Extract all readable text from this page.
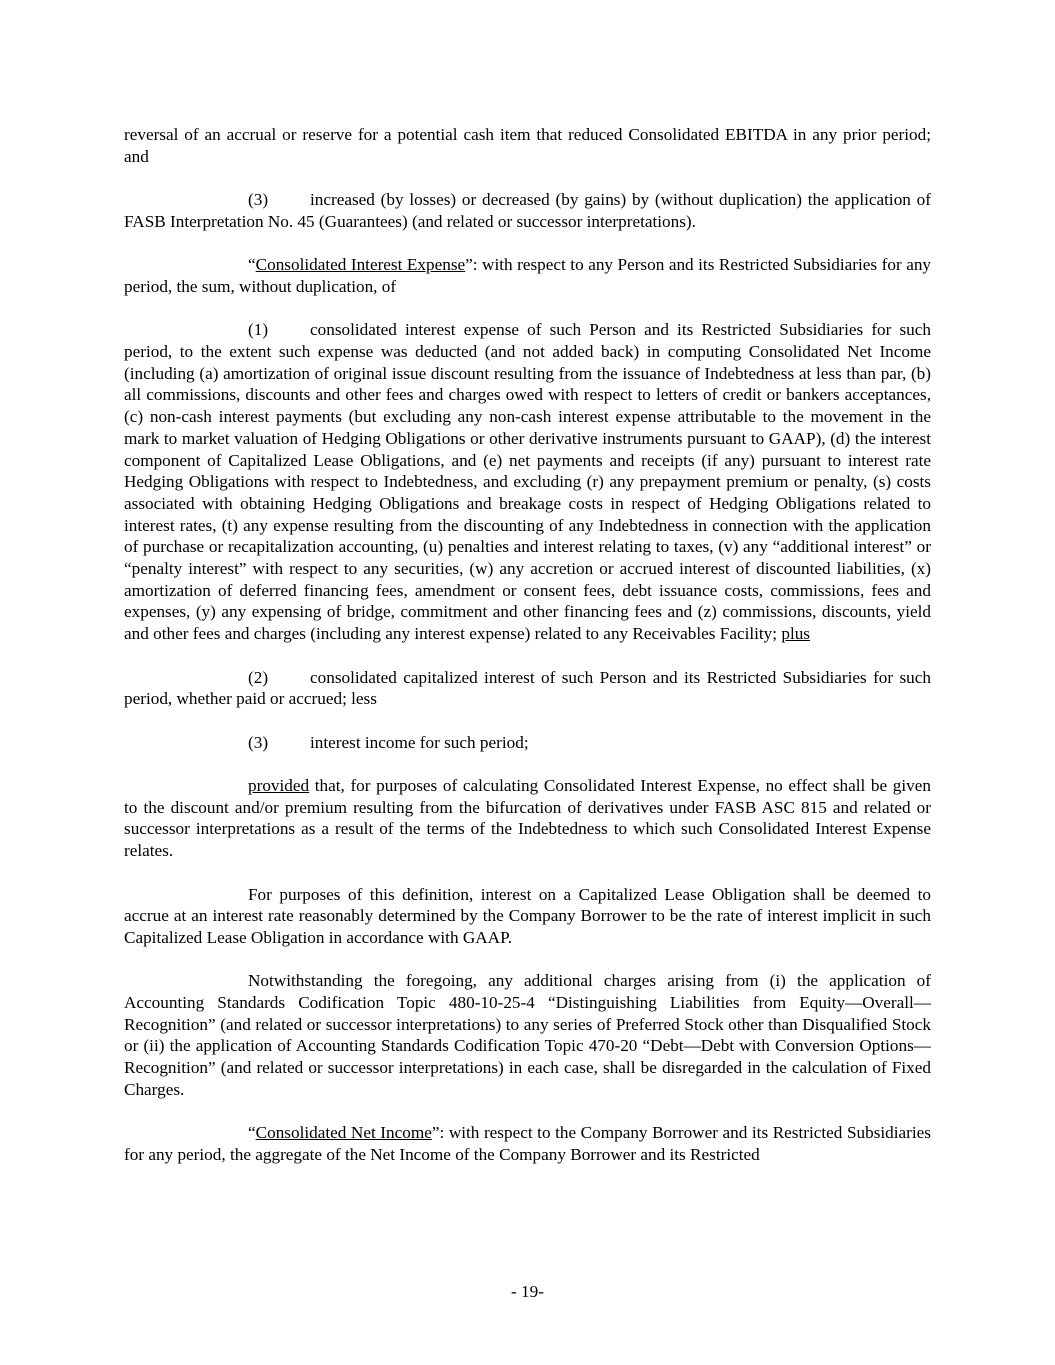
reversal of an accrual or reserve for a potential cash item that reduced Consolidated EBITDA in any prior period; and

(3) increased (by losses) or decreased (by gains) by (without duplication) the application of FASB Interpretation No. 45 (Guarantees) (and related or successor interpretations).

“Consolidated Interest Expense”: with respect to any Person and its Restricted Subsidiaries for any period, the sum, without duplication, of

(1) consolidated interest expense of such Person and its Restricted Subsidiaries for such period, to the extent such expense was deducted (and not added back) in computing Consolidated Net Income (including (a) amortization of original issue discount resulting from the issuance of Indebtedness at less than par, (b) all commissions, discounts and other fees and charges owed with respect to letters of credit or bankers acceptances, (c) non-cash interest payments (but excluding any non-cash interest expense attributable to the movement in the mark to market valuation of Hedging Obligations or other derivative instruments pursuant to GAAP), (d) the interest component of Capitalized Lease Obligations, and (e) net payments and receipts (if any) pursuant to interest rate Hedging Obligations with respect to Indebtedness, and excluding (r) any prepayment premium or penalty, (s) costs associated with obtaining Hedging Obligations and breakage costs in respect of Hedging Obligations related to interest rates, (t) any expense resulting from the discounting of any Indebtedness in connection with the application of purchase or recapitalization accounting, (u) penalties and interest relating to taxes, (v) any “additional interest” or “penalty interest” with respect to any securities, (w) any accretion or accrued interest of discounted liabilities, (x) amortization of deferred financing fees, amendment or consent fees, debt issuance costs, commissions, fees and expenses, (y) any expensing of bridge, commitment and other financing fees and (z) commissions, discounts, yield and other fees and charges (including any interest expense) related to any Receivables Facility; plus

(2) consolidated capitalized interest of such Person and its Restricted Subsidiaries for such period, whether paid or accrued; less

(3) interest income for such period;

provided that, for purposes of calculating Consolidated Interest Expense, no effect shall be given to the discount and/or premium resulting from the bifurcation of derivatives under FASB ASC 815 and related or successor interpretations as a result of the terms of the Indebtedness to which such Consolidated Interest Expense relates.

For purposes of this definition, interest on a Capitalized Lease Obligation shall be deemed to accrue at an interest rate reasonably determined by the Company Borrower to be the rate of interest implicit in such Capitalized Lease Obligation in accordance with GAAP.

Notwithstanding the foregoing, any additional charges arising from (i) the application of Accounting Standards Codification Topic 480-10-25-4 “Distinguishing Liabilities from Equity—Overall—Recognition” (and related or successor interpretations) to any series of Preferred Stock other than Disqualified Stock or (ii) the application of Accounting Standards Codification Topic 470-20 “Debt—Debt with Conversion Options—Recognition” (and related or successor interpretations) in each case, shall be disregarded in the calculation of Fixed Charges.

“Consolidated Net Income”: with respect to the Company Borrower and its Restricted Subsidiaries for any period, the aggregate of the Net Income of the Company Borrower and its Restricted

- 19-
